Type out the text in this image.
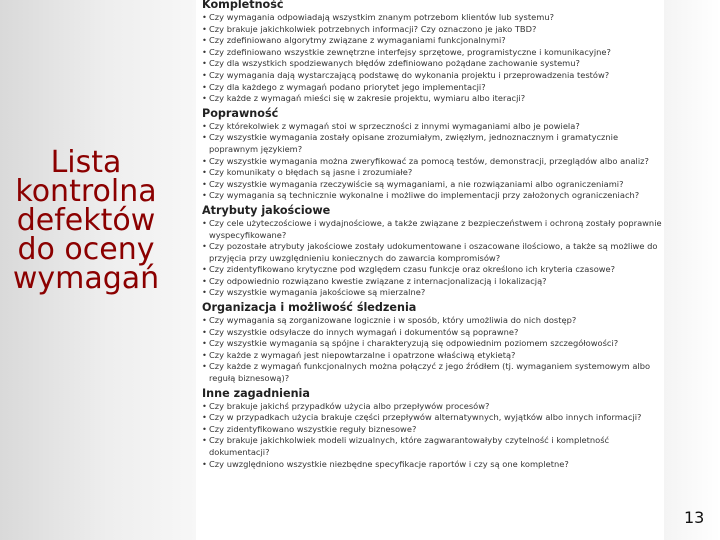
Lista
kontrolna
defektów
do oceny
wymagań
Kompletność
• Czy wymagania odpowiadają wszystkim znanym potrzebom klientów lub systemu?
• Czy brakuje jakichkolwiek potrzebnych informacji? Czy oznaczono je jako TBD?
• Czy zdefiniowano algorytmy związane z wymaganiami funkcjonalnymi?
• Czy zdefiniowano wszystkie zewnętrzne interfejsy sprzętowe, programistyczne i komunikacyjne?
• Czy dla wszystkich spodziewanych błędów zdefiniowano pożądane zachowanie systemu?
• Czy wymagania dają wystarczającą podstawę do wykonania projektu i przeprowadzenia testów?
• Czy dla każdego z wymagań podano priorytet jego implementacji?
• Czy każde z wymagań mieści się w zakresie projektu, wymiaru albo iteracji?
Poprawność
• Czy którekolwiek z wymagań stoi w sprzeczności z innymi wymaganiami albo je powiela?
• Czy wszystkie wymagania zostały opisane zrozumiałym, zwięzłym, jednoznacznym i gramatycznie poprawnym językiem?
• Czy wszystkie wymagania można zweryfikować za pomocą testów, demonstracji, przeglądów albo analiz?
• Czy komunikaty o błędach są jasne i zrozumiałe?
• Czy wszystkie wymagania rzeczywiście są wymaganiami, a nie rozwiązaniami albo ograniczeniami?
• Czy wymagania są technicznie wykonalne i możliwe do implementacji przy założonych ograniczeniach?
Atrybuty jakościowe
• Czy cele użyteczościowe i wydajnościowe, a także związane z bezpieczeństwem i ochroną zostały poprawnie wyspecyfikowane?
• Czy pozostałe atrybuty jakościowe zostały udokumentowane i oszacowane ilościowo, a także są możliwe do przyjęcia przy uwzględnieniu koniecznych do zawarcia kompromisów?
• Czy zidentyfikowano krytyczne pod względem czasu funkcje oraz określono ich kryteria czasowe?
• Czy odpowiednio rozwiązano kwestie związane z internacjonalizacją i lokalizacją?
• Czy wszystkie wymagania jakościowe są mierzalne?
Organizacja i możliwość śledzenia
• Czy wymagania są zorganizowane logicznie i w sposób, który umożliwia do nich dostęp?
• Czy wszystkie odsyłacze do innych wymagań i dokumentów są poprawne?
• Czy wszystkie wymagania są spójne i charakteryzują się odpowiednim poziomem szczegółowości?
• Czy każde z wymagań jest niepowtarzalne i opatrzone właściwą etykietą?
• Czy każde z wymagań funkcjonalnych można połączyć z jego źródłem (tj. wymaganiem systemowym albo regułą biznesową)?
Inne zagadnienia
• Czy brakuje jakichś przypadków użycia albo przepływów procesów?
• Czy w przypadkach użycia brakuje części przepływów alternatywnych, wyjątków albo innych informacji?
• Czy zidentyfikowano wszystkie reguły biznesowe?
• Czy brakuje jakichkolwiek modeli wizualnych, które zagwarantowałyby czytelność i kompletność dokumentacji?
• Czy uwzględniono wszystkie niezbędne specyfikacje raportów i czy są one kompletne?
13
